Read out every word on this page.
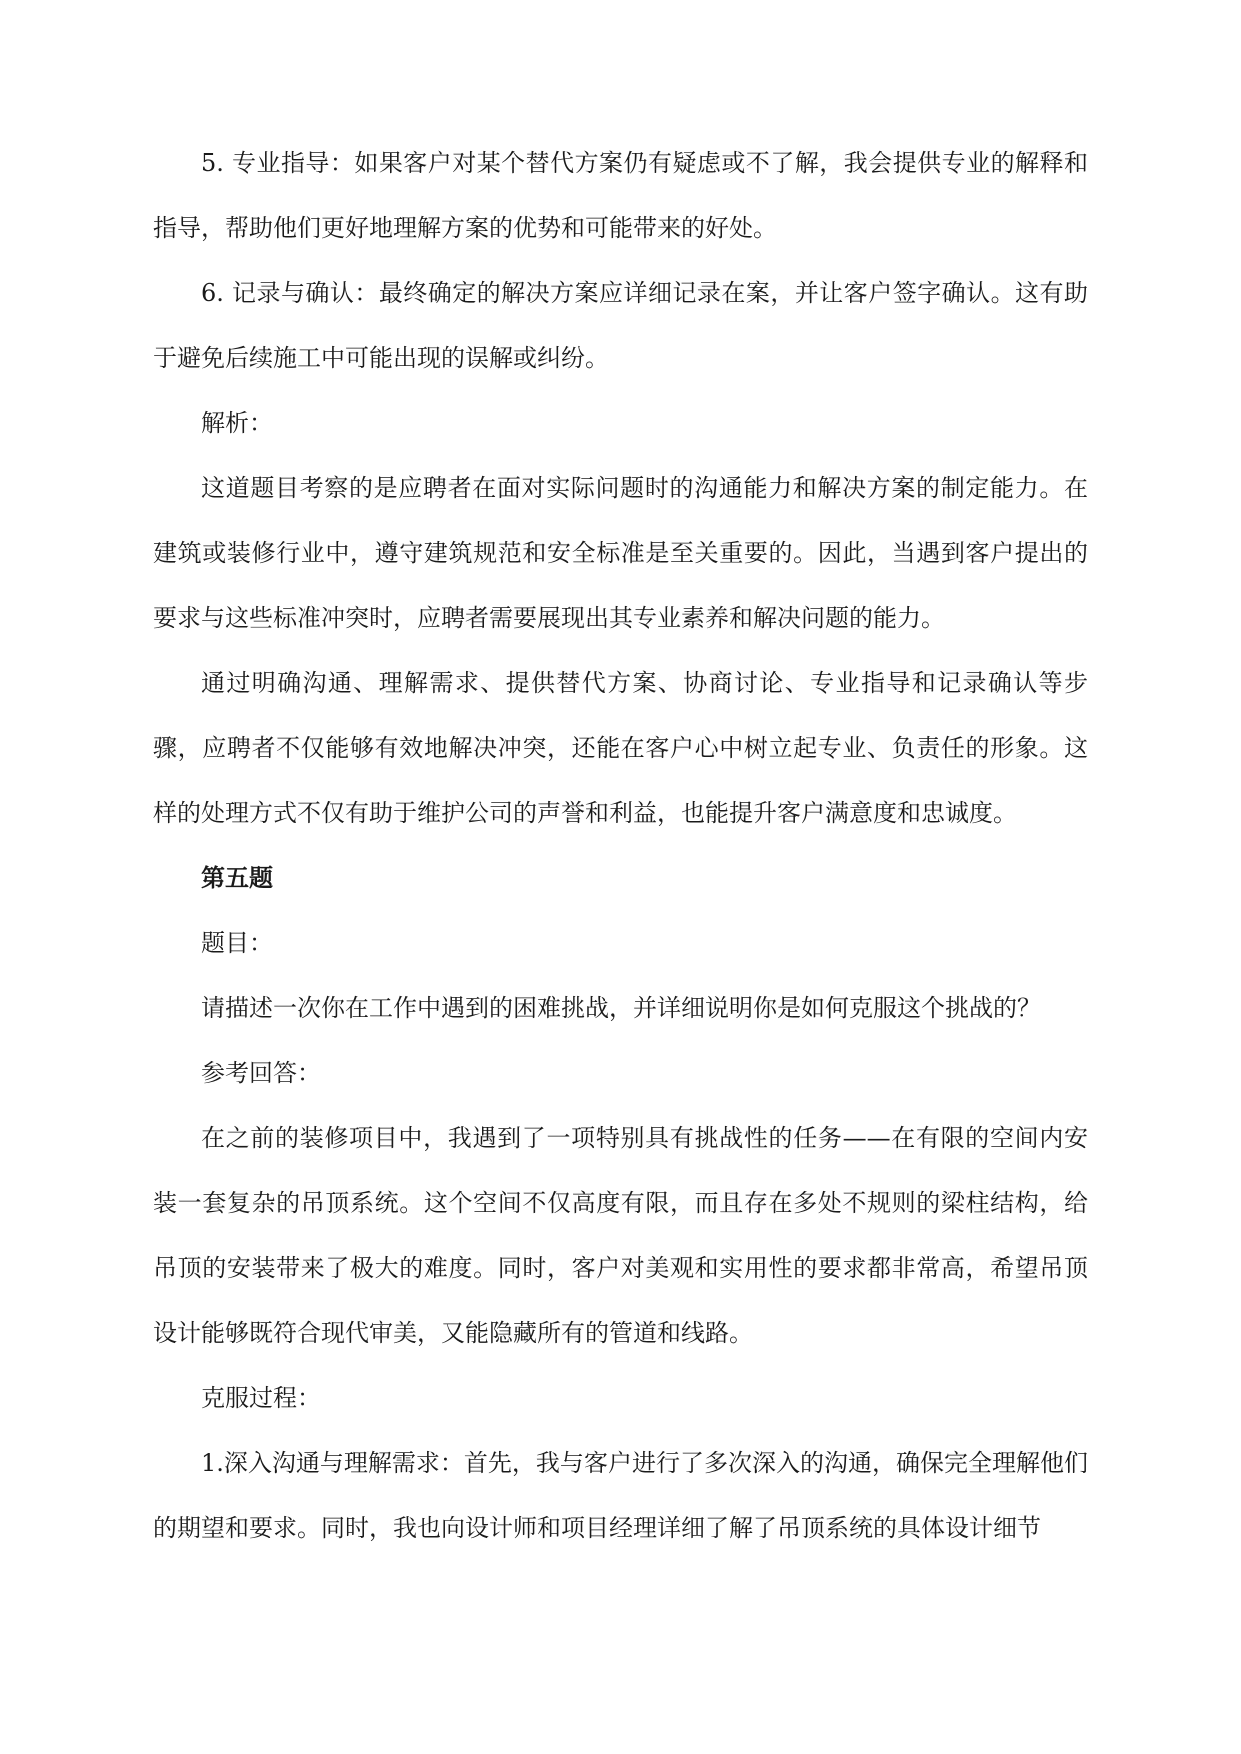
5. 专业指导：如果客户对某个替代方案仍有疑虑或不了解，我会提供专业的解释和指导，帮助他们更好地理解方案的优势和可能带来的好处。

6. 记录与确认：最终确定的解决方案应详细记录在案，并让客户签字确认。这有助于避免后续施工中可能出现的误解或纠纷。

解析：

这道题目考察的是应聘者在面对实际问题时的沟通能力和解决方案的制定能力。在建筑或装修行业中，遵守建筑规范和安全标准是至关重要的。因此，当遇到客户提出的要求与这些标准冲突时，应聘者需要展现出其专业素养和解决问题的能力。

通过明确沟通、理解需求、提供替代方案、协商讨论、专业指导和记录确认等步骤，应聘者不仅能够有效地解决冲突，还能在客户心中树立起专业、负责任的形象。这样的处理方式不仅有助于维护公司的声誉和利益，也能提升客户满意度和忠诚度。

第五题

题目：

请描述一次你在工作中遇到的困难挑战，并详细说明你是如何克服这个挑战的？

参考回答：

在之前的装修项目中，我遇到了一项特别具有挑战性的任务——在有限的空间内安装一套复杂的吊顶系统。这个空间不仅高度有限，而且存在多处不规则的梁柱结构，给吊顶的安装带来了极大的难度。同时，客户对美观和实用性的要求都非常高，希望吊顶设计能够既符合现代审美，又能隐藏所有的管道和线路。

克服过程：

1.深入沟通与理解需求：首先，我与客户进行了多次深入的沟通，确保完全理解他们的期望和要求。同时，我也向设计师和项目经理详细了解了吊顶系统的具体设计细节
